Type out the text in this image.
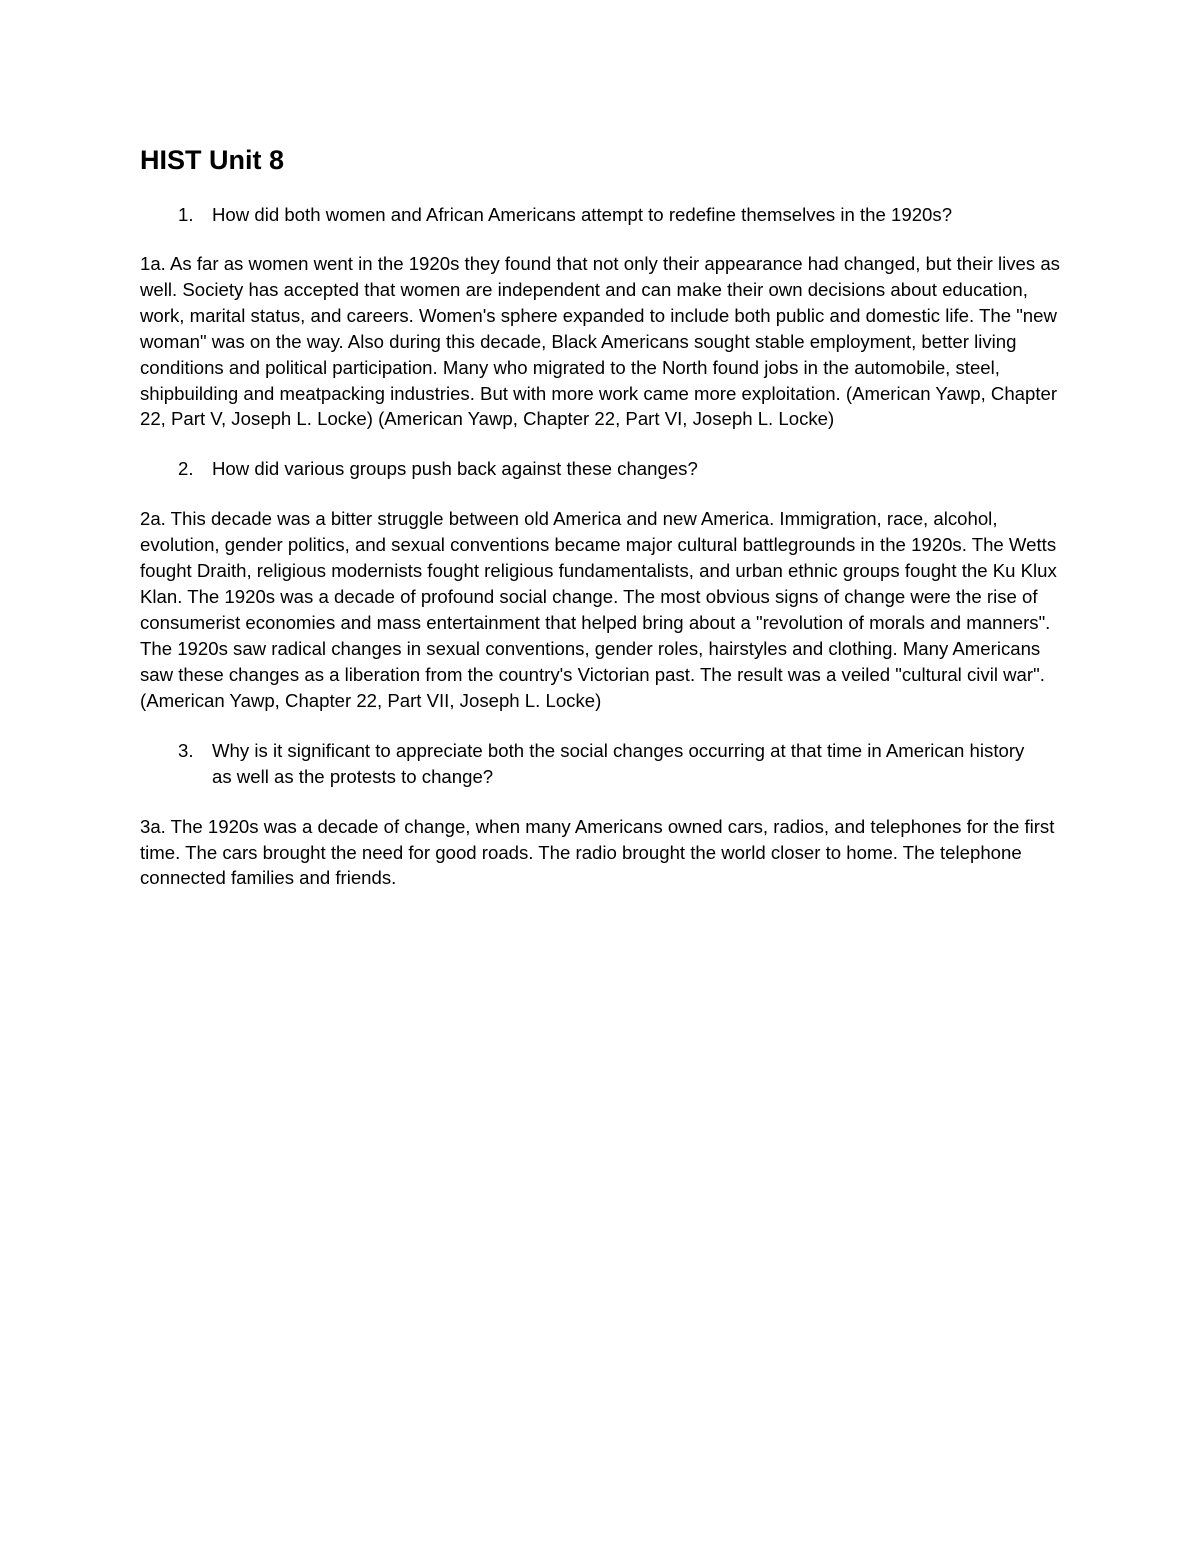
HIST Unit 8
1. How did both women and African Americans attempt to redefine themselves in the 1920s?

1a. As far as women went in the 1920s they found that not only their appearance had changed, but their lives as well. Society has accepted that women are independent and can make their own decisions about education, work, marital status, and careers. Women's sphere expanded to include both public and domestic life. The "new woman" was on the way. Also during this decade, Black Americans sought stable employment, better living conditions and political participation. Many who migrated to the North found jobs in the automobile, steel, shipbuilding and meatpacking industries. But with more work came more exploitation. (American Yawp, Chapter 22, Part V, Joseph L. Locke) (American Yawp, Chapter 22, Part VI, Joseph L. Locke)

2. How did various groups push back against these changes?

2a. This decade was a bitter struggle between old America and new America. Immigration, race, alcohol, evolution, gender politics, and sexual conventions became major cultural battlegrounds in the 1920s. The Wetts fought Draith, religious modernists fought religious fundamentalists, and urban ethnic groups fought the Ku Klux Klan. The 1920s was a decade of profound social change. The most obvious signs of change were the rise of consumerist economies and mass entertainment that helped bring about a "revolution of morals and manners". The 1920s saw radical changes in sexual conventions, gender roles, hairstyles and clothing. Many Americans saw these changes as a liberation from the country's Victorian past. The result was a veiled "cultural civil war". (American Yawp, Chapter 22, Part VII, Joseph L. Locke)

3. Why is it significant to appreciate both the social changes occurring at that time in American history as well as the protests to change?

3a. The 1920s was a decade of change, when many Americans owned cars, radios, and telephones for the first time. The cars brought the need for good roads. The radio brought the world closer to home. The telephone connected families and friends.
